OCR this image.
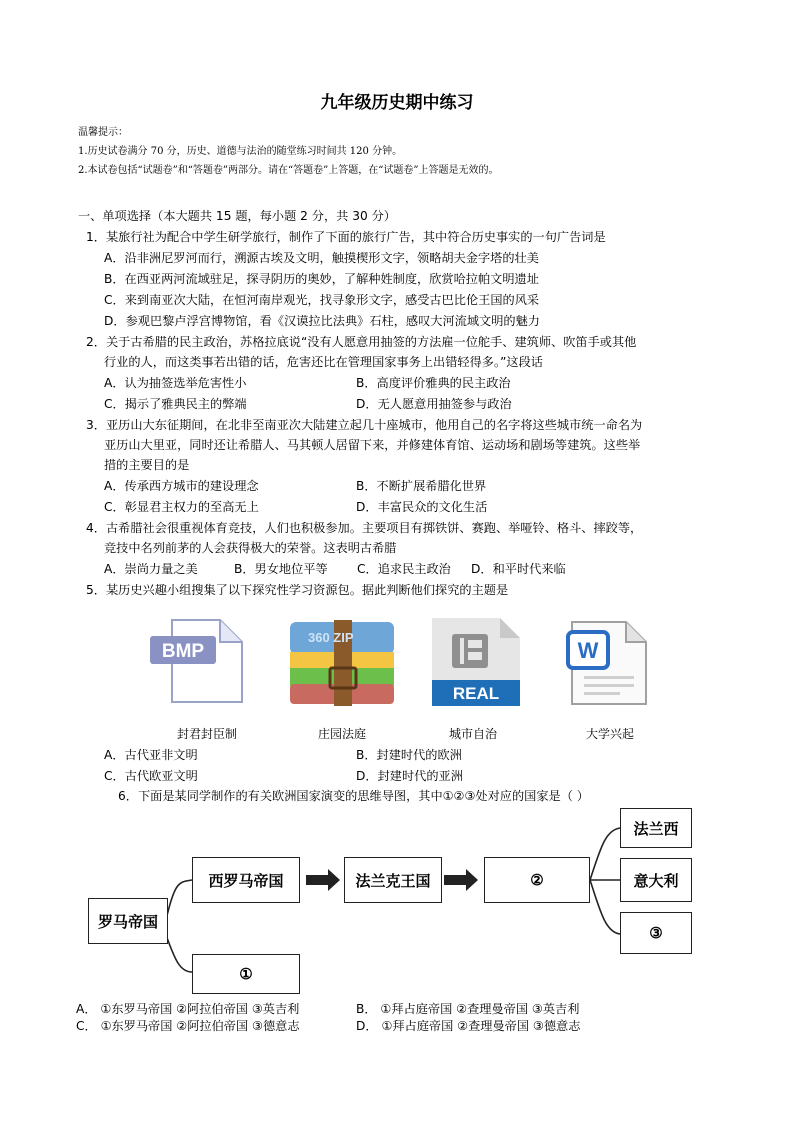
九年级历史期中练习
温馨提示：
1.历史试卷满分 70 分，历史、道德与法治的随堂练习时间共 120 分钟。
2.本试卷包括“试题卷”和“答题卷”两部分。请在“答题卷”上答题，在“试题卷”上答题是无效的。
一、单项选择（本大题共 15 题，每小题 2 分，共 30 分）
1．某旅行社为配合中学生研学旅行，制作了下面的旅行广告，其中符合历史事实的一句广告词是
A．沿非洲尼罗河而行，溯源古埃及文明，触摸楔形文字，领略胡夫金字塔的壮美
B．在西亚两河流域驻足，探寻阴历的奥妙，了解种姓制度，欣赏哈拉帕文明遗址
C．来到南亚次大陆，在恒河南岸观光，找寻象形文字，感受古巴比伦王国的风采
D．参观巴黎卢浮宫博物馆，看《汉谟拉比法典》石柱，感叹大河流域文明的魅力
2．关于古希腊的民主政治，苏格拉底说“没有人愿意用抽签的方法雇一位舵手、建筑师、吹笛手或其他
行业的人，而这类事若出错的话，危害还比在管理国家事务上出错轻得多。”这段话
A．认为抽签选举危害性小	B．高度评价雅典的民主政治
C．揭示了雅典民主的弊端	D．无人愿意用抽签参与政治
3．亚历山大东征期间，在北非至南亚次大陆建立起几十座城市，他用自己的名字将这些城市统一命名为
亚历山大里亚，同时还让希腊人、马其顿人居留下来，并修建体育馆、运动场和剧场等建筑。这些举
措的主要目的是
A．传承西方城市的建设理念	B．不断扩展希腊化世界
C．彰显君主权力的至高无上	D．丰富民众的文化生活
4．古希腊社会很重视体育竞技，人们也积极参加。主要项目有掷铁饼、赛跑、举哑铃、格斗、摔跤等，
竞技中名列前茅的人会获得极大的荣誉。这表明古希腊
A．崇尚力量之美	B．男女地位平等 C．追求民主政治 D．和平时代来临
5．某历史兴趣小组搜集了以下探究性学习资源包。据此判断他们探究的主题是
BMP
360 ZIP
REAL
W
封君封臣制	庄园法庭	城市自治	大学兴起
A．古代亚非文明	B．封建时代的欧洲
C．古代欧亚文明	D．封建时代的亚洲
6．下面是某同学制作的有关欧洲国家演变的思维导图，其中①②③处对应的国家是（ ）
罗马帝国
西罗马帝国
①
法兰克王国	②
法兰西
意大利
③
A． ①东罗马帝国 ②阿拉伯帝国 ③英吉利	B． ①拜占庭帝国 ②查理曼帝国 ③英吉利
C． ①东罗马帝国 ②阿拉伯帝国 ③德意志	D． ①拜占庭帝国 ②查理曼帝国 ③德意志
